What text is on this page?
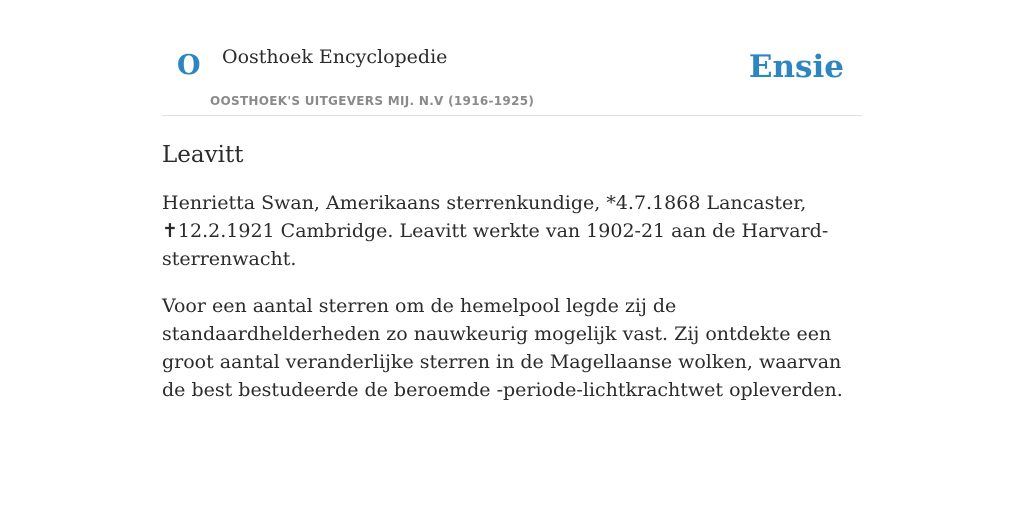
O Oosthoek Encyclopedie
OOSTHOEK'S UITGEVERS MIJ. N.V (1916-1925)
Ensie
Leavitt

Henrietta Swan, Amerikaans sterrenkundige, *4.7.1868 Lancaster, ✝12.2.1921 Cambridge. Leavitt werkte van 1902-21 aan de Harvard-sterrenwacht.

Voor een aantal sterren om de hemelpool legde zij de standaardhelderheden zo nauwkeurig mogelijk vast. Zij ontdekte een groot aantal veranderlijke sterren in de Magellaanse wolken, waarvan de best bestudeerde de beroemde -periode-lichtkrachtwet opleverden.
